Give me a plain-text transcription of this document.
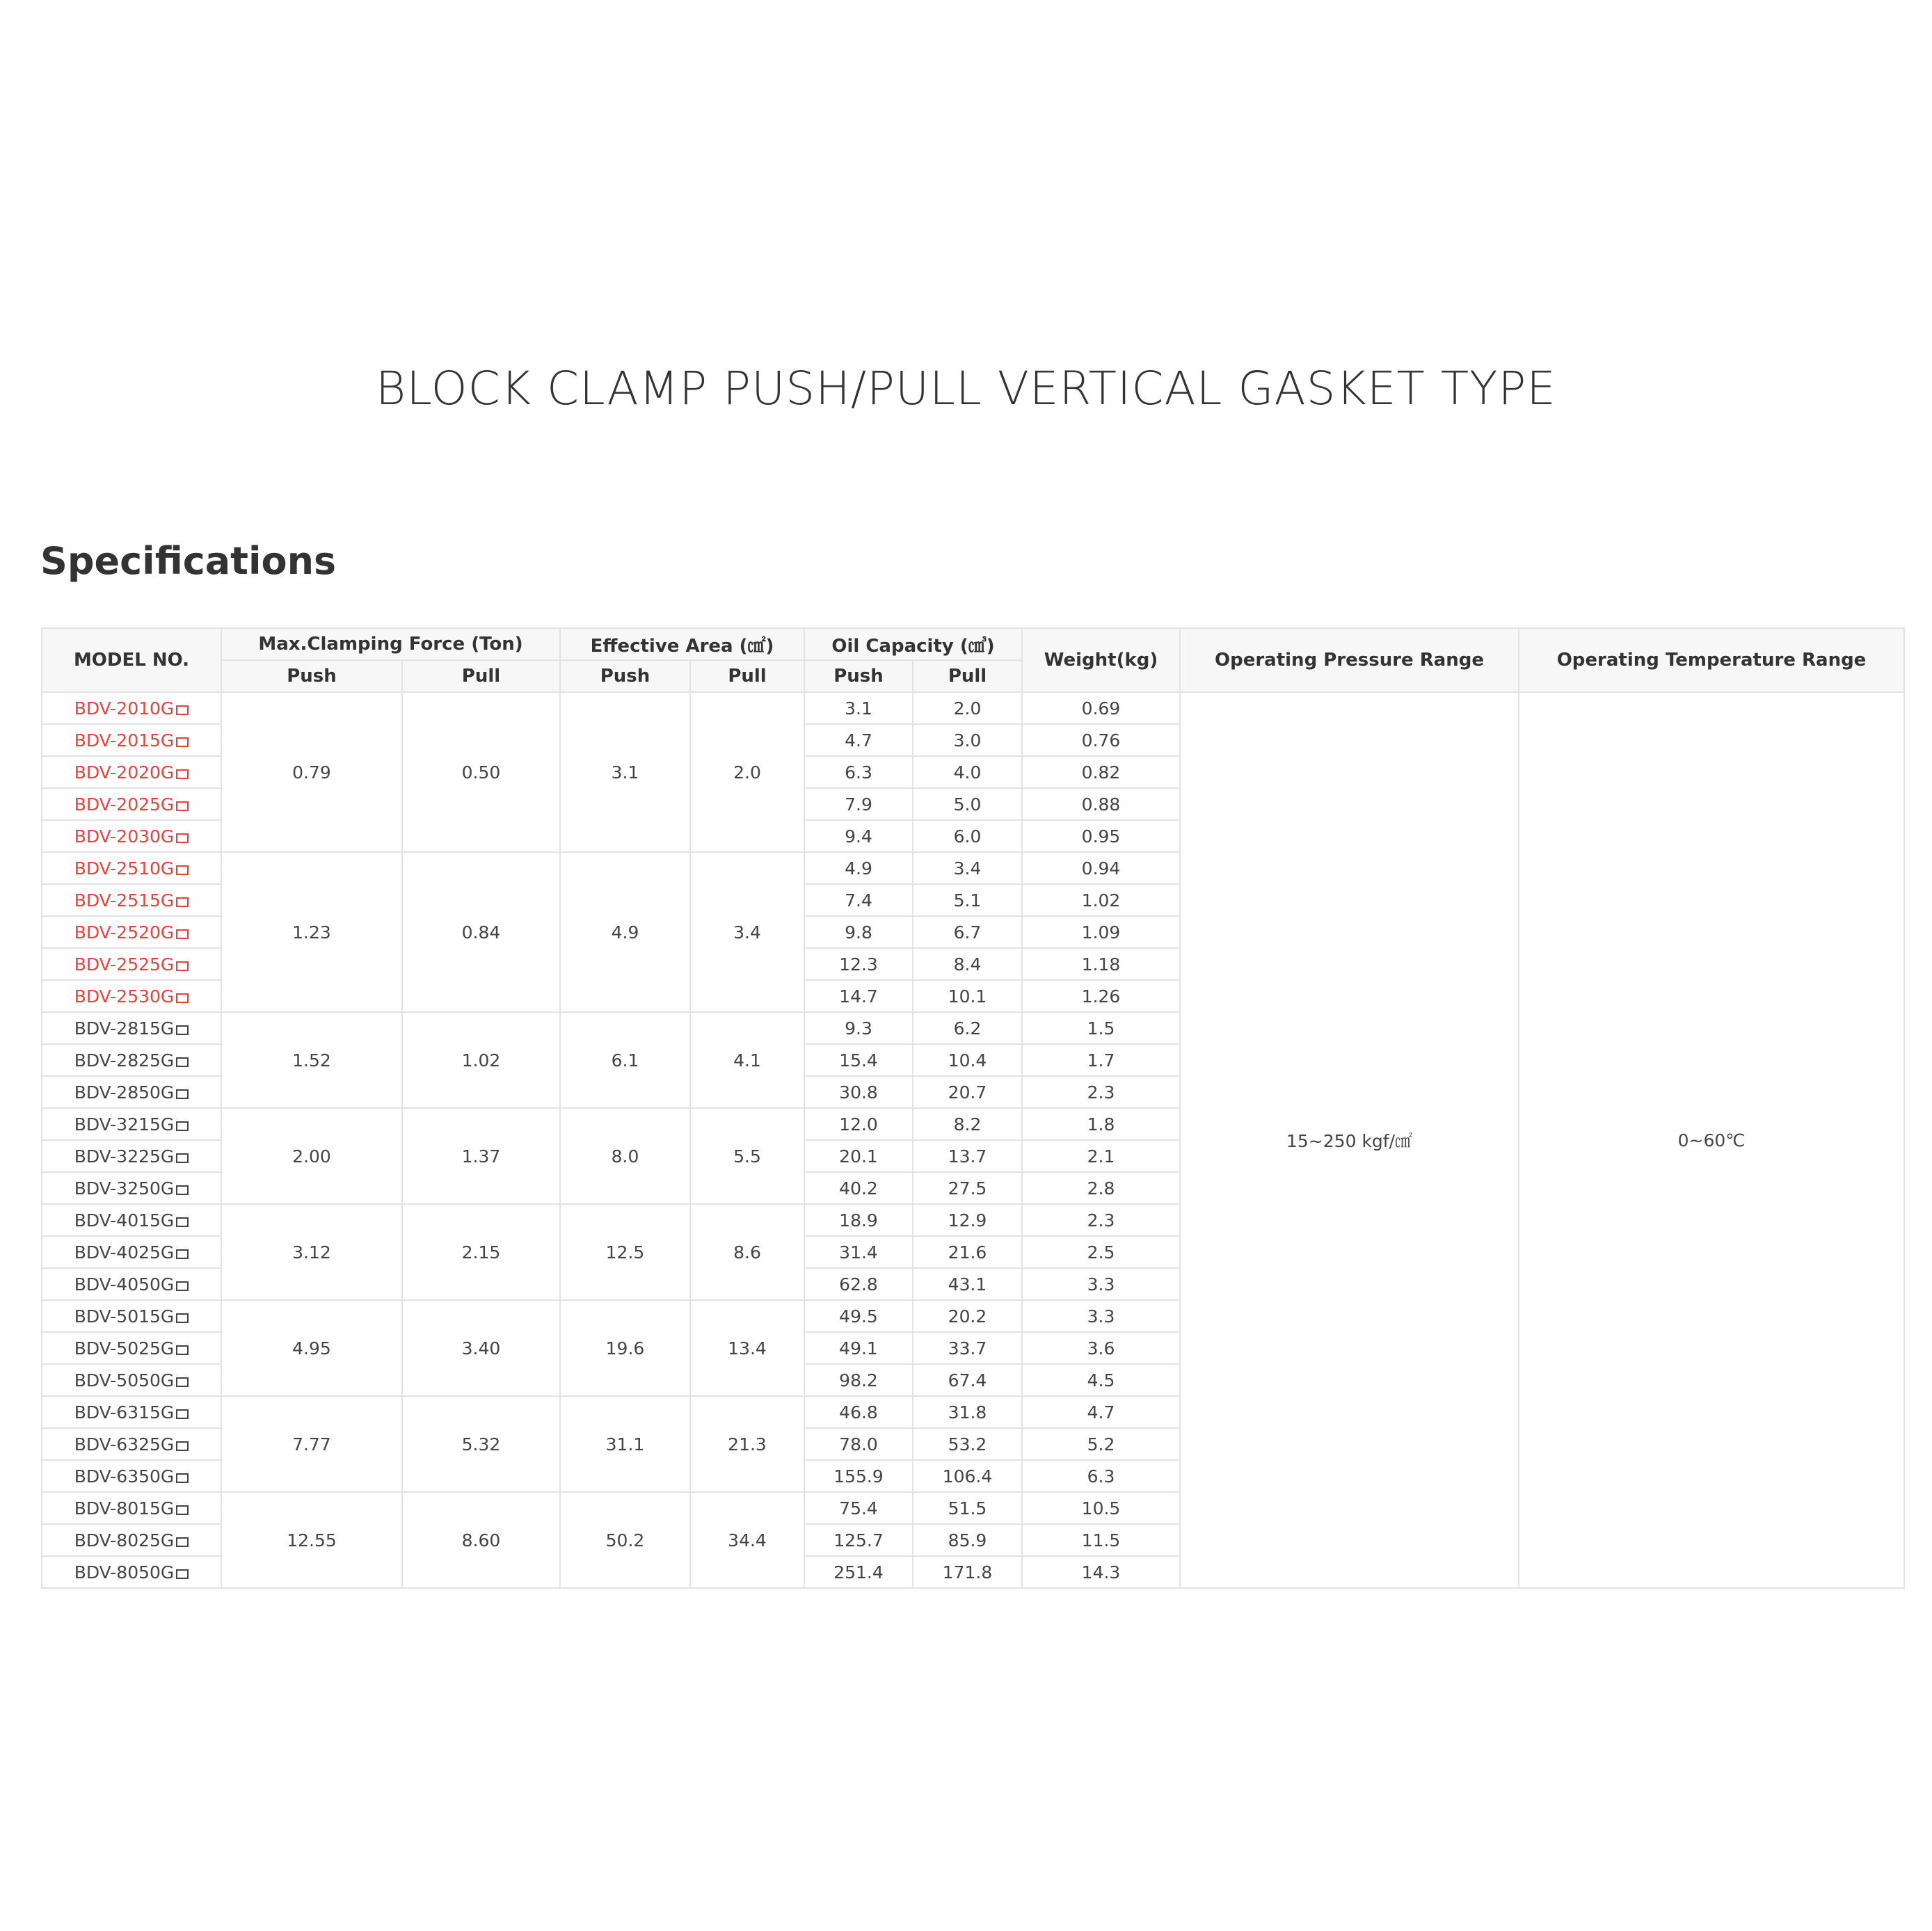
BLOCK CLAMP PUSH/PULL VERTICAL GASKET TYPE
Specifications
MODEL NO.	Max.Clamping Force (Ton)		Effective Area (㎠)		Oil Capacity (㎤)		Weight(kg)	Operating Pressure Range	Operating Temperature Range
	Push	Pull	Push	Pull	Push	Pull			
BDV-2010G	0.79	0.50	3.1	2.0	3.1	2.0	0.69	15~250 kgf/㎠	0~60℃
BDV-2015G					4.7	3.0	0.76		
BDV-2020G					6.3	4.0	0.82		
BDV-2025G					7.9	5.0	0.88		
BDV-2030G					9.4	6.0	0.95		
BDV-2510G	1.23	0.84	4.9	3.4	4.9	3.4	0.94		
BDV-2515G					7.4	5.1	1.02		
BDV-2520G					9.8	6.7	1.09		
BDV-2525G					12.3	8.4	1.18		
BDV-2530G					14.7	10.1	1.26		
BDV-2815G	1.52	1.02	6.1	4.1	9.3	6.2	1.5		
BDV-2825G					15.4	10.4	1.7		
BDV-2850G					30.8	20.7	2.3		
BDV-3215G	2.00	1.37	8.0	5.5	12.0	8.2	1.8		
BDV-3225G					20.1	13.7	2.1		
BDV-3250G					40.2	27.5	2.8		
BDV-4015G	3.12	2.15	12.5	8.6	18.9	12.9	2.3		
BDV-4025G					31.4	21.6	2.5		
BDV-4050G					62.8	43.1	3.3		
BDV-5015G	4.95	3.40	19.6	13.4	49.5	20.2	3.3		
BDV-5025G					49.1	33.7	3.6		
BDV-5050G					98.2	67.4	4.5		
BDV-6315G	7.77	5.32	31.1	21.3	46.8	31.8	4.7		
BDV-6325G					78.0	53.2	5.2		
BDV-6350G					155.9	106.4	6.3		
BDV-8015G	12.55	8.60	50.2	34.4	75.4	51.5	10.5		
BDV-8025G					125.7	85.9	11.5		
BDV-8050G					251.4	171.8	14.3		
